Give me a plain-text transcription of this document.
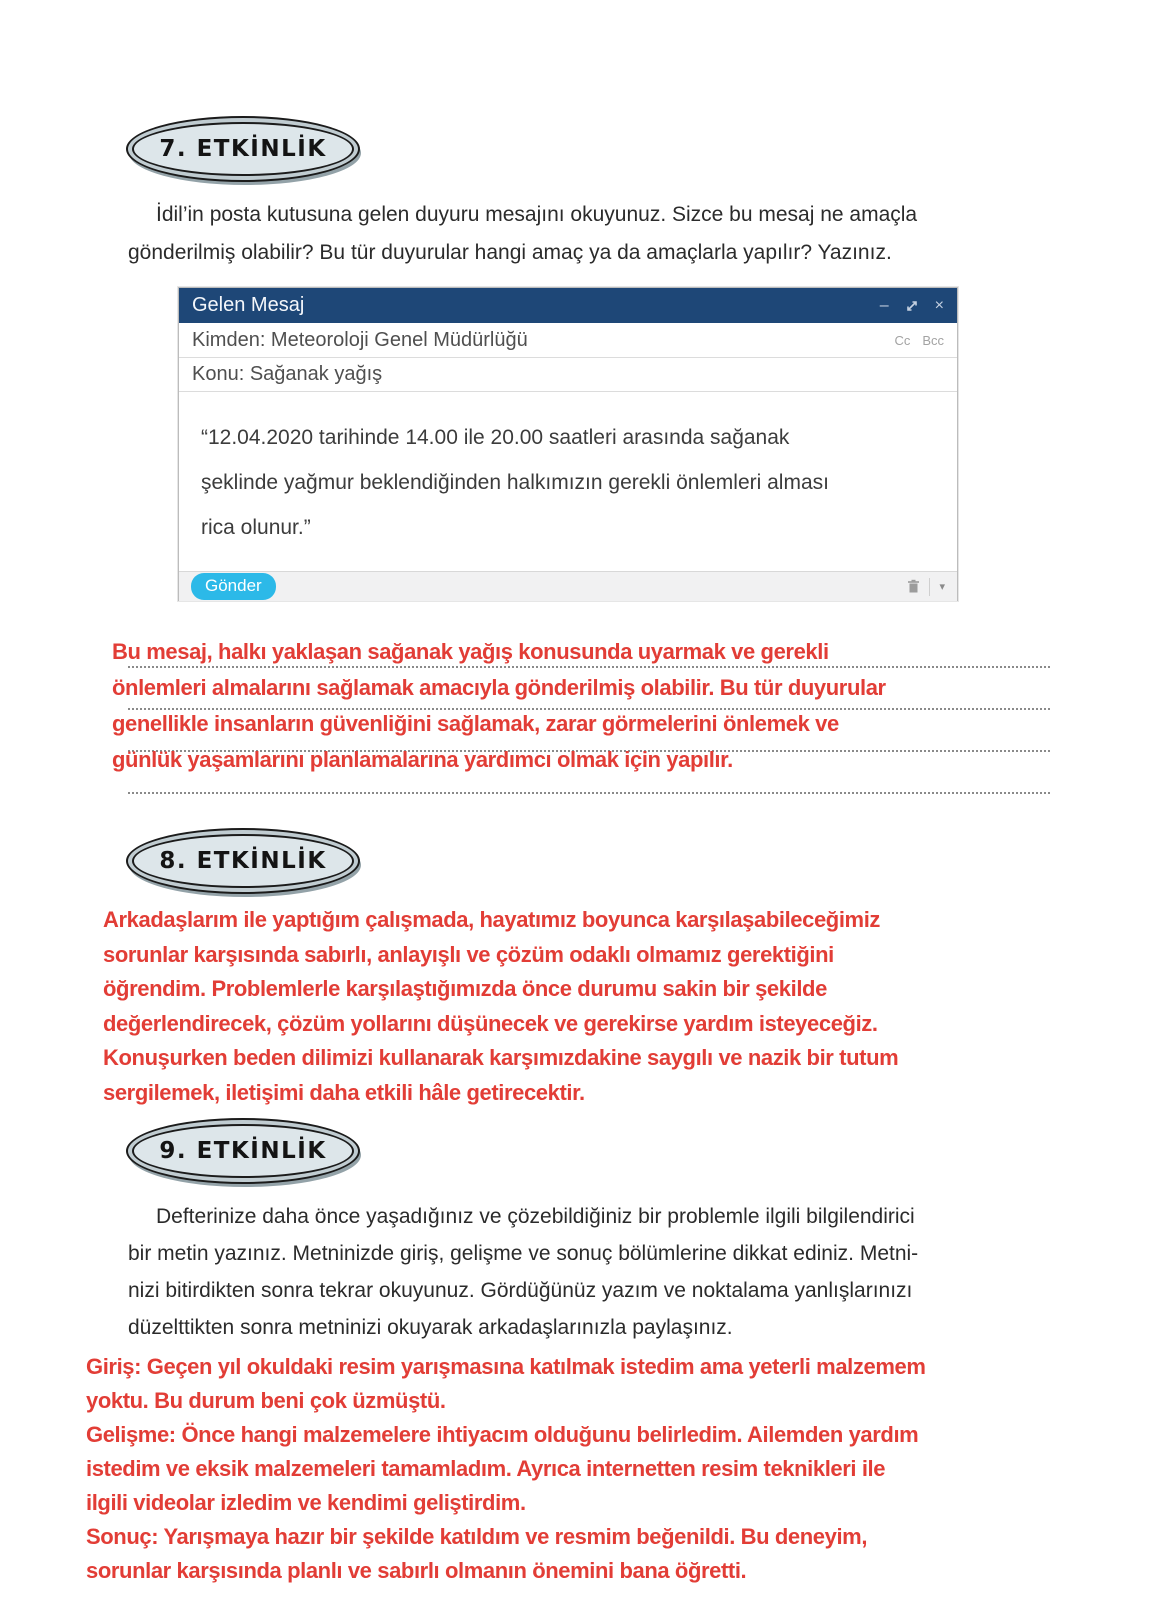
7. ETKİNLİK
İdil’in posta kutusuna gelen duyuru mesajını okuyunuz. Sizce bu mesaj ne amaçla
gönderilmiş olabilir? Bu tür duyurular hangi amaç ya da amaçlarla yapılır? Yazınız.
Gelen Mesaj	–	×
Kimden: Meteoroloji Genel Müdürlüğü	Cc Bcc
Konu: Sağanak yağış
“12.04.2020 tarihinde 14.00 ile 20.00 saatleri arasında sağanak
şeklinde yağmur beklendiğinden halkımızın gerekli önlemleri alması
rica olunur.”
Gönder	▾
Bu mesaj, halkı yaklaşan sağanak yağış konusunda uyarmak ve gerekli
önlemleri almalarını sağlamak amacıyla gönderilmiş olabilir. Bu tür duyurular
genellikle insanların güvenliğini sağlamak, zarar görmelerini önlemek ve
günlük yaşamlarını planlamalarına yardımcı olmak için yapılır.
8. ETKİNLİK
Arkadaşlarım ile yaptığım çalışmada, hayatımız boyunca karşılaşabileceğimiz
sorunlar karşısında sabırlı, anlayışlı ve çözüm odaklı olmamız gerektiğini
öğrendim. Problemlerle karşılaştığımızda önce durumu sakin bir şekilde
değerlendirecek, çözüm yollarını düşünecek ve gerekirse yardım isteyeceğiz.
Konuşurken beden dilimizi kullanarak karşımızdakine saygılı ve nazik bir tutum
sergilemek, iletişimi daha etkili hâle getirecektir.
9. ETKİNLİK
Defterinize daha önce yaşadığınız ve çözebildiğiniz bir problemle ilgili bilgilendirici
bir metin yazınız. Metninizde giriş, gelişme ve sonuç bölümlerine dikkat ediniz. Metni-
nizi bitirdikten sonra tekrar okuyunuz. Gördüğünüz yazım ve noktalama yanlışlarınızı
düzelttikten sonra metninizi okuyarak arkadaşlarınızla paylaşınız.
Giriş: Geçen yıl okuldaki resim yarışmasına katılmak istedim ama yeterli malzemem
yoktu. Bu durum beni çok üzmüştü.
Gelişme: Önce hangi malzemelere ihtiyacım olduğunu belirledim. Ailemden yardım
istedim ve eksik malzemeleri tamamladım. Ayrıca internetten resim teknikleri ile
ilgili videolar izledim ve kendimi geliştirdim.
Sonuç: Yarışmaya hazır bir şekilde katıldım ve resmim beğenildi. Bu deneyim,
sorunlar karşısında planlı ve sabırlı olmanın önemini bana öğretti.
